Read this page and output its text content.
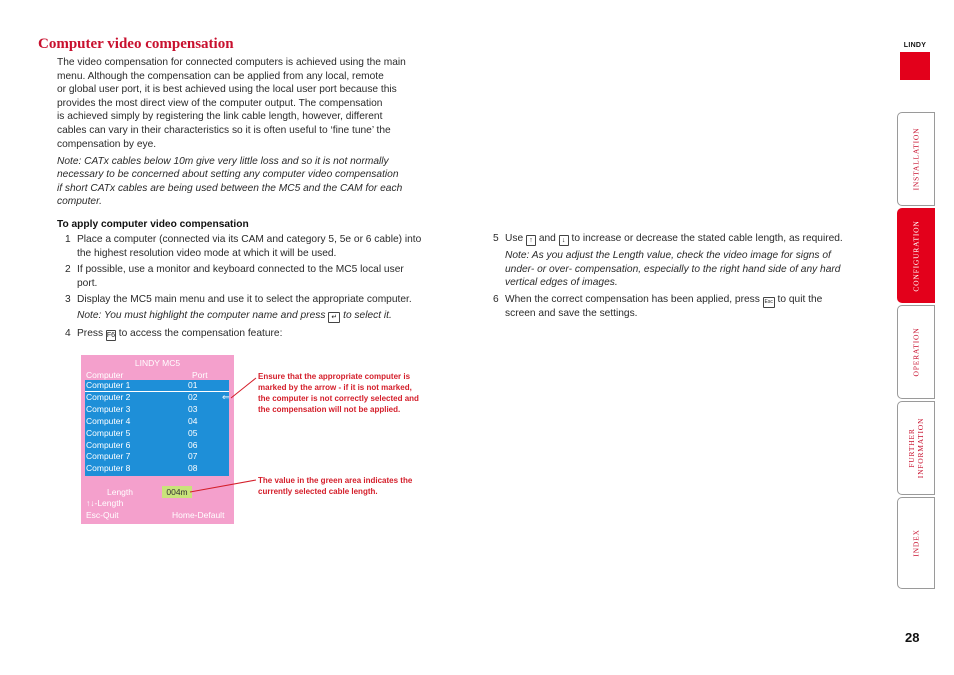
Computer video compensation
The video compensation for connected computers is achieved using the main
menu. Although the compensation can be applied from any local, remote
or global user port, it is best achieved using the local user port because this
provides the most direct view of the computer output. The compensation
is achieved simply by registering the link cable length, however, different
cables can vary in their characteristics so it is often useful to ‘fine tune’ the
compensation by eye.
Note: CATx cables below 10m give very little loss and so it is not normally
necessary to be concerned about setting any computer video compensation
if short CATx cables are being used between the MC5 and the CAM for each
computer.
To apply computer video compensation
1 Place a computer (connected via its CAM and category 5, 5e or 6 cable) into
the highest resolution video mode at which it will be used.
2 If possible, use a monitor and keyboard connected to the MC5 local user
port.
3 Display the MC5 main menu and use it to select the appropriate computer.
Note: You must highlight the computer name and press ↵ to select it.
4 Press F6 to access the compensation feature:
LINDY MC5
Computer	Port
Computer 1	01
Computer 2	02	⇐
Computer 3	03
Computer 4	04
Computer 5	05
Computer 6	06
Computer 7	07
Computer 8	08
Length	004m
↑↓-Length
Esc-Quit	Home-Default
Ensure that the appropriate computer is
marked by the arrow - if it is not marked,
the computer is not correctly selected and
the compensation will not be applied.
The value in the green area indicates the
currently selected cable length.
5 Use ↑ and ↓ to increase or decrease the stated cable length, as required.
Note: As you adjust the Length value, check the video image for signs of
under- or over- compensation, especially to the right hand side of any hard
vertical edges of images.
6 When the correct compensation has been applied, press Esc to quit the
screen and save the settings.
LINDY
INSTALLATION
CONFIGURATION
OPERATION
FURTHER INFORMATION
INDEX
28
